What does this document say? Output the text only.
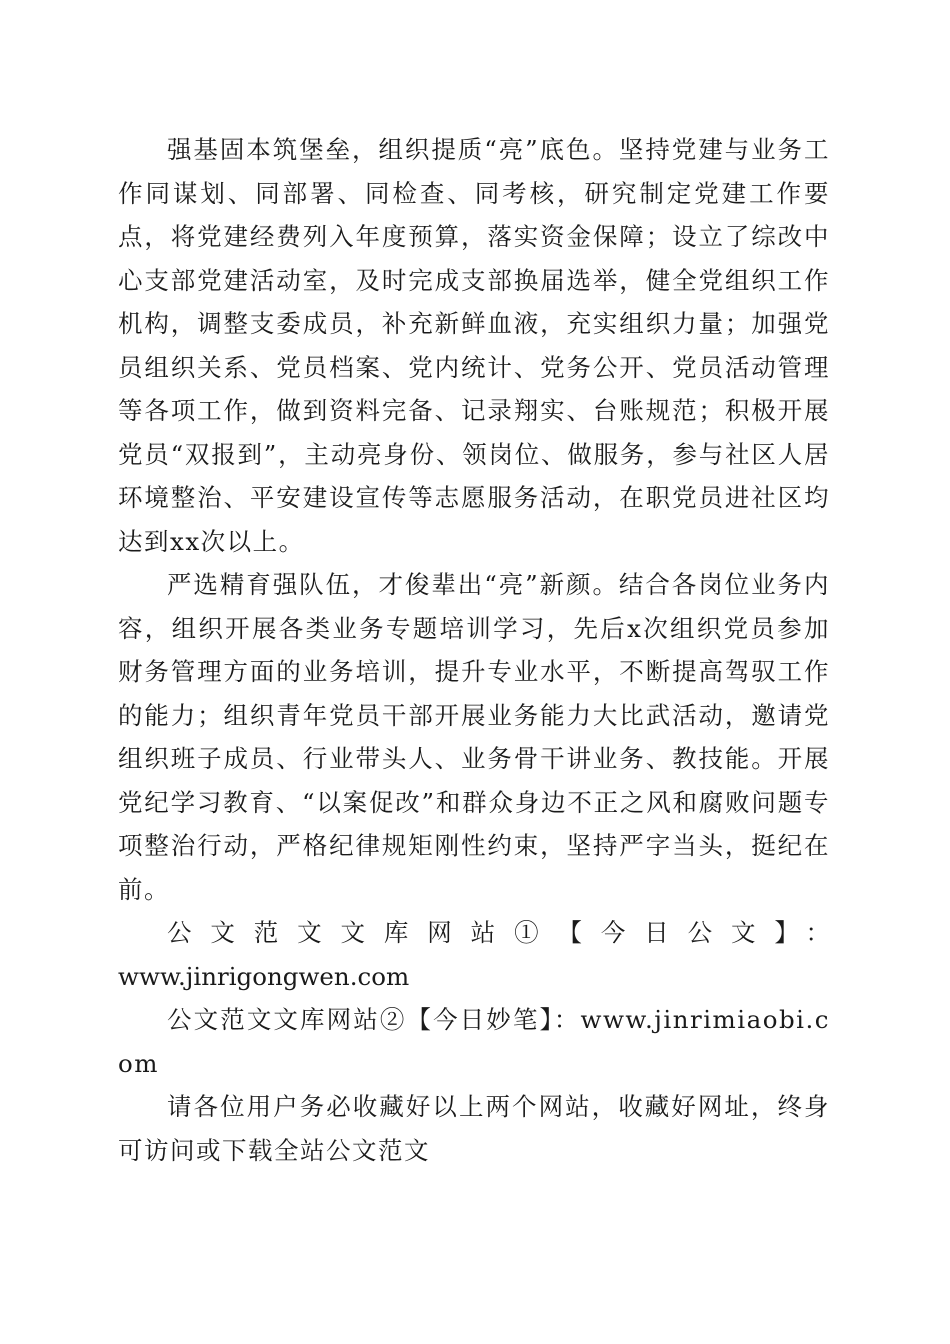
强基固本筑堡垒，组织提质“亮”底色。坚持党建与业务工作同谋划、同部署、同检查、同考核，研究制定党建工作要点，将党建经费列入年度预算，落实资金保障；设立了综改中心支部党建活动室，及时完成支部换届选举，健全党组织工作机构，调整支委成员，补充新鲜血液，充实组织力量；加强党员组织关系、党员档案、党内统计、党务公开、党员活动管理等各项工作，做到资料完备、记录翔实、台账规范；积极开展党员“双报到”，主动亮身份、领岗位、做服务，参与社区人居环境整治、平安建设宣传等志愿服务活动，在职党员进社区均达到xx次以上。

严选精育强队伍，才俊辈出“亮”新颜。结合各岗位业务内容，组织开展各类业务专题培训学习，先后x次组织党员参加财务管理方面的业务培训，提升专业水平，不断提高驾驭工作的能力；组织青年党员干部开展业务能力大比武活动，邀请党组织班子成员、行业带头人、业务骨干讲业务、教技能。开展党纪学习教育、“以案促改”和群众身边不正之风和腐败问题专项整治行动，严格纪律规矩刚性约束，坚持严字当头，挺纪在前。

公文范文文库网站①【今日公文】：

www.jinrigongwen.com

公文范文文库网站②【今日妙笔】：www.jinrimiaobi.com

请各位用户务必收藏好以上两个网站，收藏好网址，终身可访问或下载全站公文范文
